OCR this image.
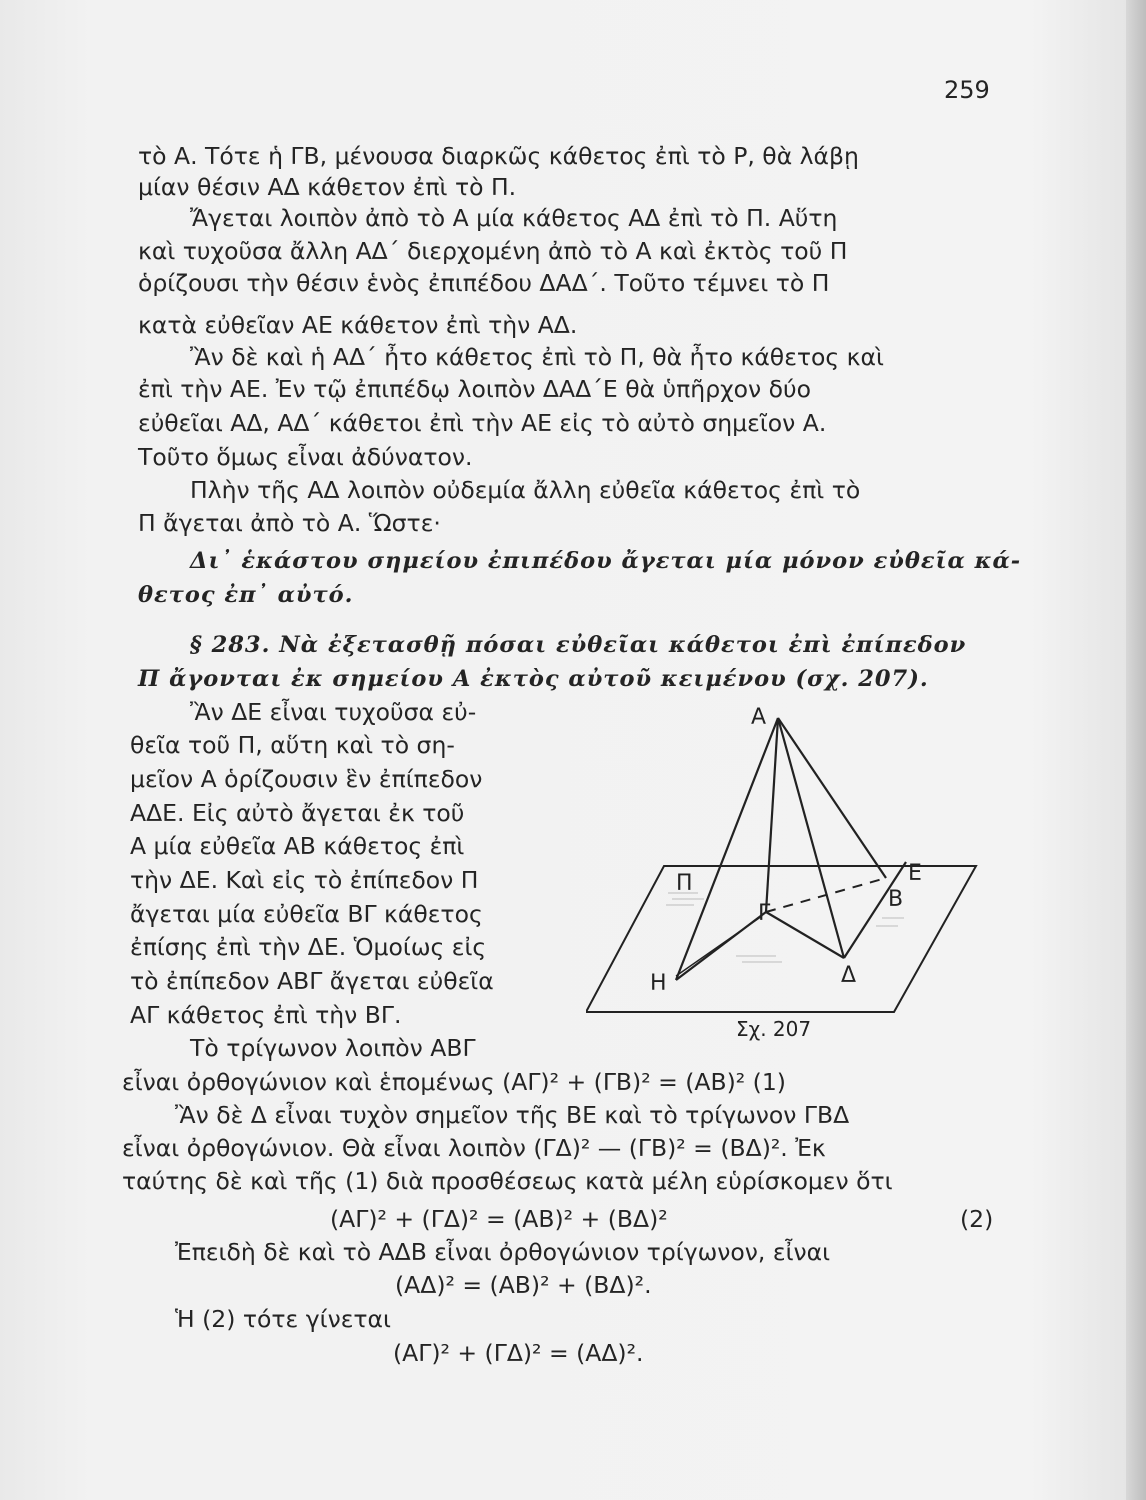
259
τὸ Α. Τότε ἡ ΓΒ, μένουσα διαρκῶς κάθετος ἐπὶ τὸ Ρ, θὰ λάβῃ
μίαν θέσιν ΑΔ κάθετον ἐπὶ τὸ Π.
Ἄγεται λοιπὸν ἀπὸ τὸ Α μία κάθετος ΑΔ ἐπὶ τὸ Π. Αὕτη
καὶ τυχοῦσα ἄλλη ΑΔ΄ διερχομένη ἀπὸ τὸ Α καὶ ἐκτὸς τοῦ Π
ὁρίζουσι τὴν θέσιν ἑνὸς ἐπιπέδου ΔΑΔ΄. Τοῦτο τέμνει τὸ Π
κατὰ εὐθεῖαν ΑΕ κάθετον ἐπὶ τὴν ΑΔ.
Ἂν δὲ καὶ ἡ ΑΔ΄ ἦτο κάθετος ἐπὶ τὸ Π, θὰ ἦτο κάθετος καὶ
ἐπὶ τὴν ΑΕ. Ἐν τῷ ἐπιπέδῳ λοιπὸν ΔΑΔ΄Ε θὰ ὑπῆρχον δύο
εὐθεῖαι ΑΔ, ΑΔ΄ κάθετοι ἐπὶ τὴν ΑΕ εἰς τὸ αὐτὸ σημεῖον Α.
Τοῦτο ὅμως εἶναι ἀδύνατον.
Πλὴν τῆς ΑΔ λοιπὸν οὐδεμία ἄλλη εὐθεῖα κάθετος ἐπὶ τὸ
Π ἄγεται ἀπὸ τὸ Α. Ὥστε·
Δι᾿ ἑκάστου σημείου ἐπιπέδου ἄγεται μία μόνον εὐθεῖα κά-
θετος ἐπ᾿ αὐτό.
§ 283. Νὰ ἐξετασθῇ πόσαι εὐθεῖαι κάθετοι ἐπὶ ἐπίπεδον
Π ἄγονται ἐκ σημείου Α ἐκτὸς αὐτοῦ κειμένου (σχ. 207).
Ἂν ΔΕ εἶναι τυχοῦσα εὐ-
θεῖα τοῦ Π, αὕτη καὶ τὸ ση-
μεῖον Α ὁρίζουσιν ἓν ἐπίπεδον
ΑΔΕ. Εἰς αὐτὸ ἄγεται ἐκ τοῦ
Α μία εὐθεῖα ΑΒ κάθετος ἐπὶ
τὴν ΔΕ. Καὶ εἰς τὸ ἐπίπεδον Π
ἄγεται μία εὐθεῖα ΒΓ κάθετος
ἐπίσης ἐπὶ τὴν ΔΕ. Ὁμοίως εἰς
τὸ ἐπίπεδον ΑΒΓ ἄγεται εὐθεῖα
ΑΓ κάθετος ἐπὶ τὴν ΒΓ.
Τὸ τρίγωνον λοιπὸν ΑΒΓ
εἶναι ὀρθογώνιον καὶ ἑπομένως (ΑΓ)² + (ΓΒ)² = (ΑΒ)² (1)
Ἂν δὲ Δ εἶναι τυχὸν σημεῖον τῆς ΒΕ καὶ τὸ τρίγωνον ΓΒΔ
εἶναι ὀρθογώνιον. Θὰ εἶναι λοιπὸν (ΓΔ)² — (ΓΒ)² = (ΒΔ)². Ἐκ
ταύτης δὲ καὶ τῆς (1) διὰ προσθέσεως κατὰ μέλη εὑρίσκομεν ὅτι
(ΑΓ)² + (ΓΔ)² = (ΑΒ)² + (ΒΔ)²	(2)
Ἐπειδὴ δὲ καὶ τὸ ΑΔΒ εἶναι ὀρθογώνιον τρίγωνον, εἶναι
(ΑΔ)² = (ΑΒ)² + (ΒΔ)².
Ἡ (2) τότε γίνεται
(ΑΓ)² + (ΓΔ)² = (ΑΔ)².
Α
Π	Ε
Β
Γ
Η	Δ
Σχ. 207
